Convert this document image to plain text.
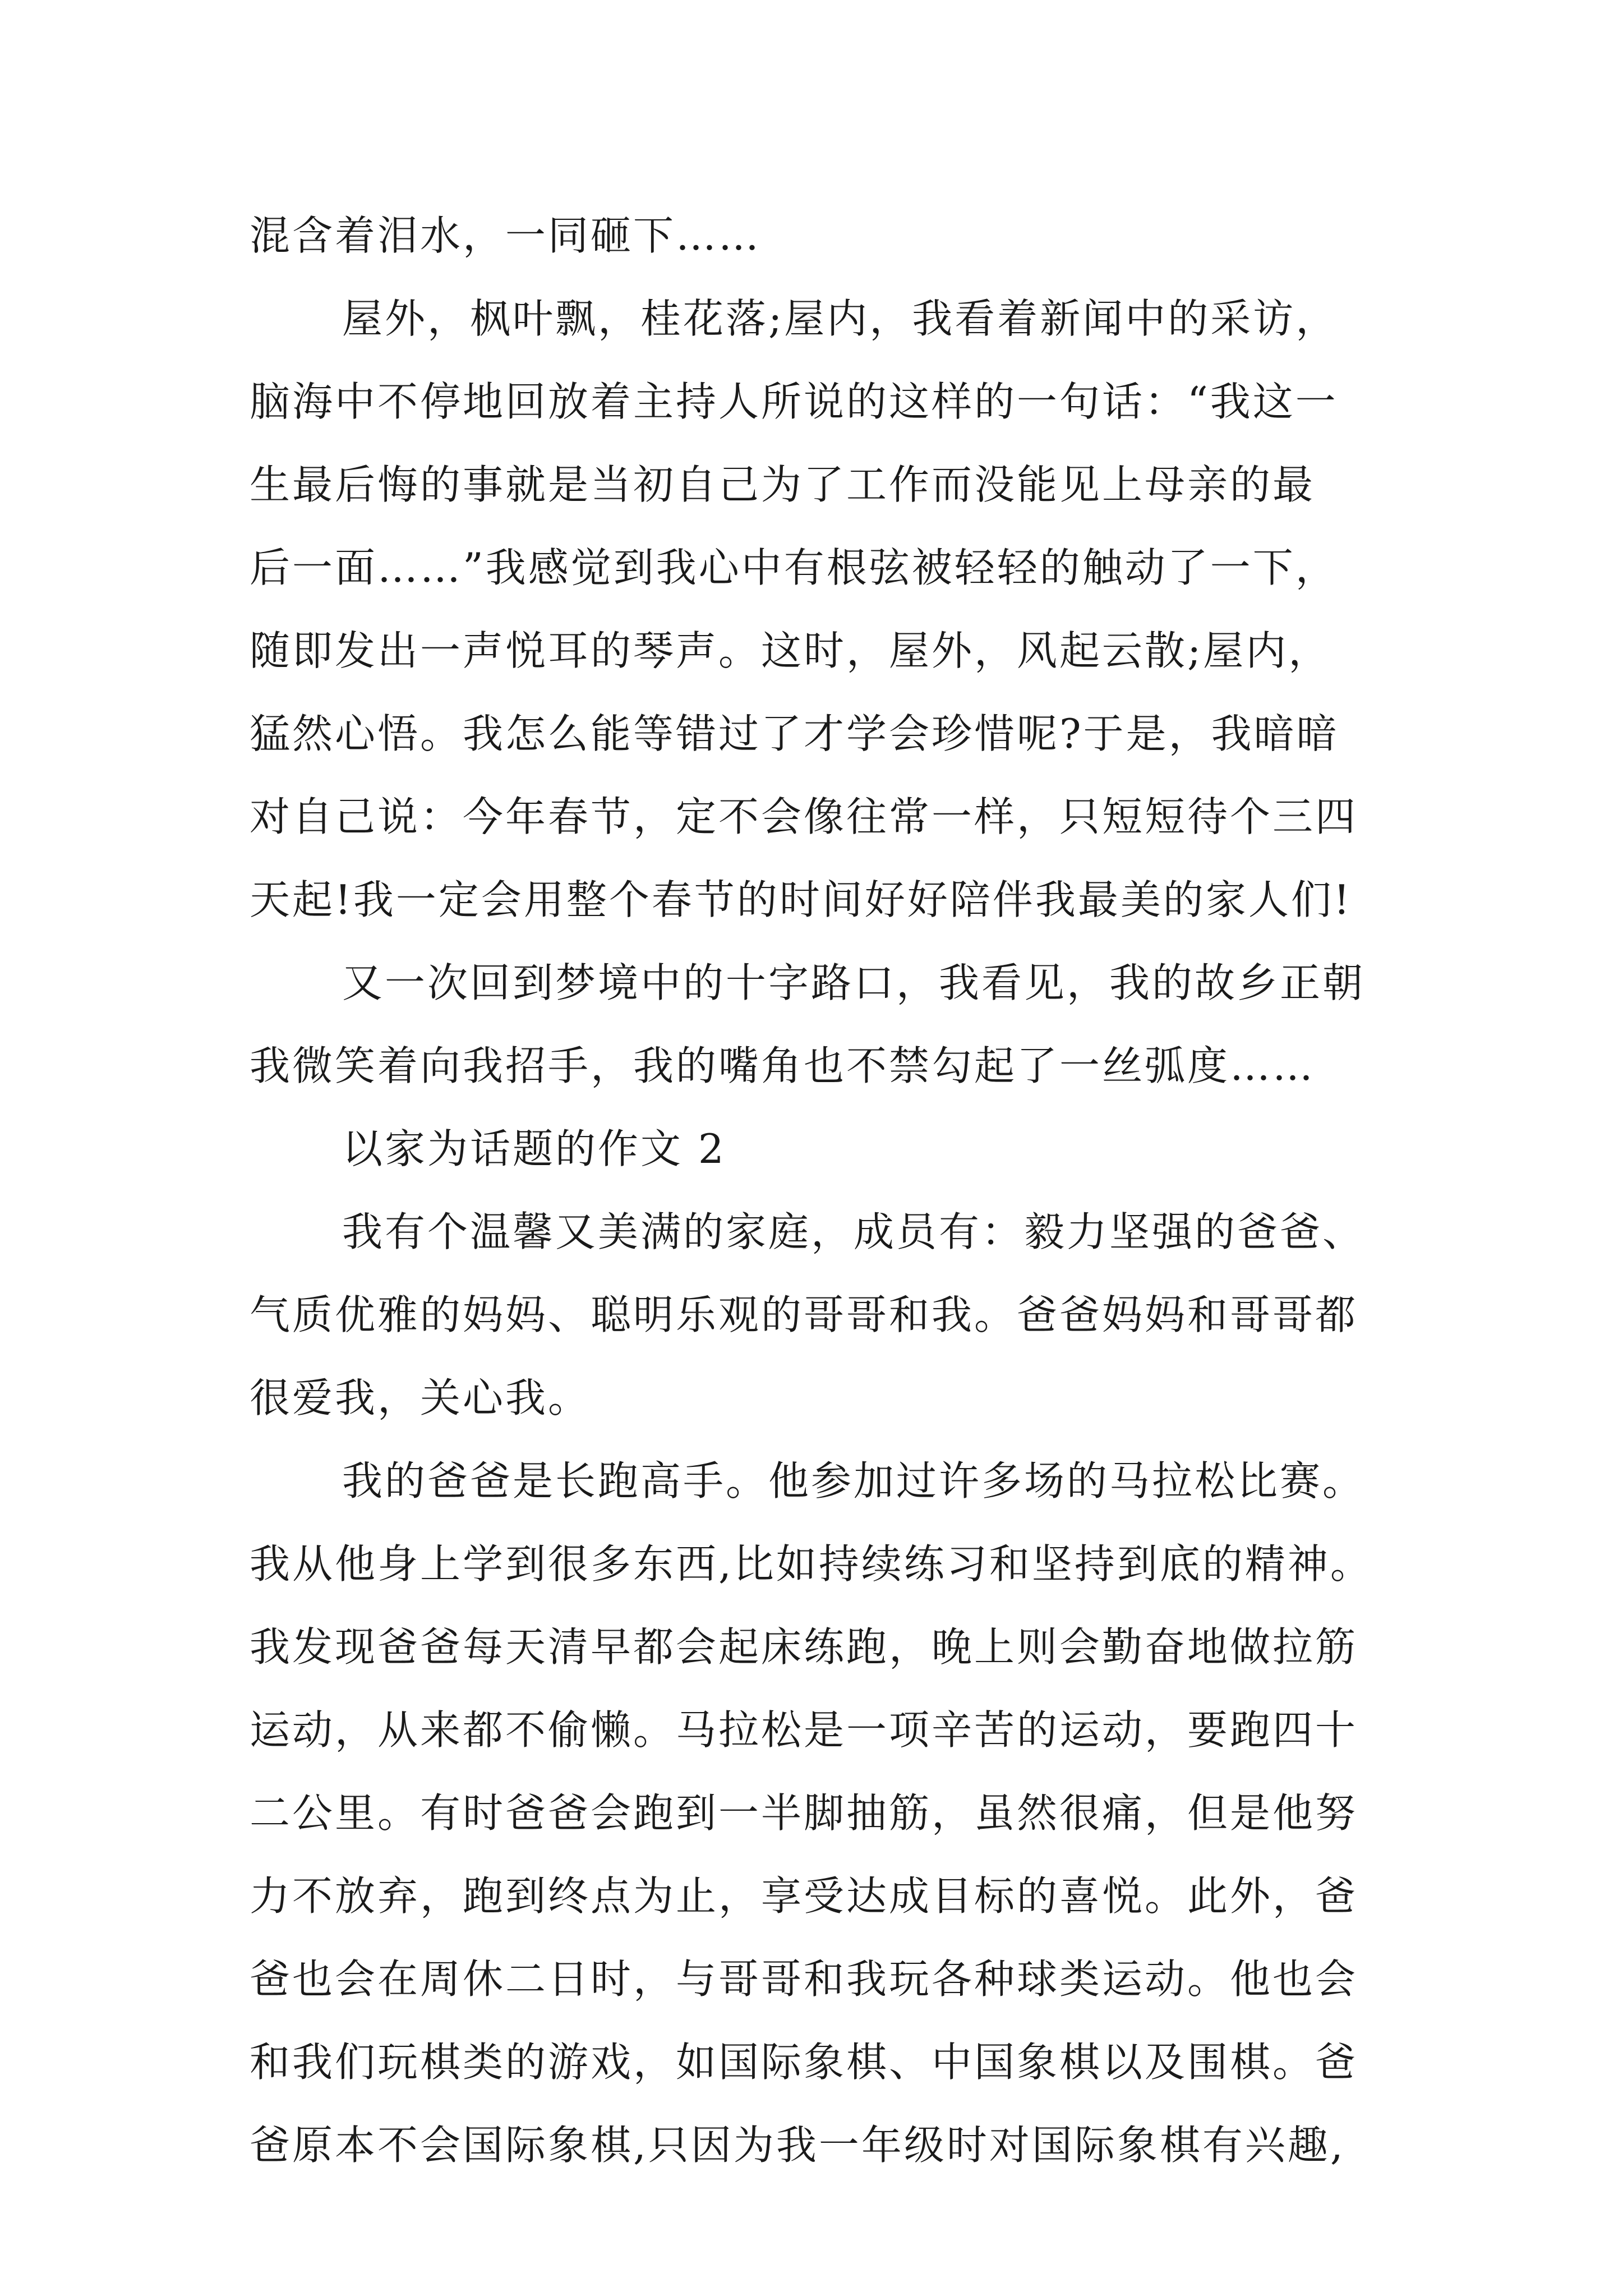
混含着泪水，一同砸下……
屋外，枫叶飘，桂花落;屋内，我看着新闻中的采访，
脑海中不停地回放着主持人所说的这样的一句话：“我这一
生最后悔的事就是当初自己为了工作而没能见上母亲的最
后一面……”我感觉到我心中有根弦被轻轻的触动了一下，
随即发出一声悦耳的琴声。这时，屋外，风起云散;屋内，
猛然心悟。我怎么能等错过了才学会珍惜呢?于是，我暗暗
对自己说：今年春节，定不会像往常一样，只短短待个三四
天起!我一定会用整个春节的时间好好陪伴我最美的家人们!
又一次回到梦境中的十字路口，我看见，我的故乡正朝
我微笑着向我招手，我的嘴角也不禁勾起了一丝弧度……
以家为话题的作文 2
我有个温馨又美满的家庭，成员有：毅力坚强的爸爸、
气质优雅的妈妈、聪明乐观的哥哥和我。爸爸妈妈和哥哥都
很爱我，关心我。
我的爸爸是长跑高手。他参加过许多场的马拉松比赛。
我从他身上学到很多东西,比如持续练习和坚持到底的精神。
我发现爸爸每天清早都会起床练跑，晚上则会勤奋地做拉筋
运动，从来都不偷懒。马拉松是一项辛苦的运动，要跑四十
二公里。有时爸爸会跑到一半脚抽筋，虽然很痛，但是他努
力不放弃，跑到终点为止，享受达成目标的喜悦。此外，爸
爸也会在周休二日时，与哥哥和我玩各种球类运动。他也会
和我们玩棋类的游戏，如国际象棋、中国象棋以及围棋。爸
爸原本不会国际象棋,只因为我一年级时对国际象棋有兴趣,
